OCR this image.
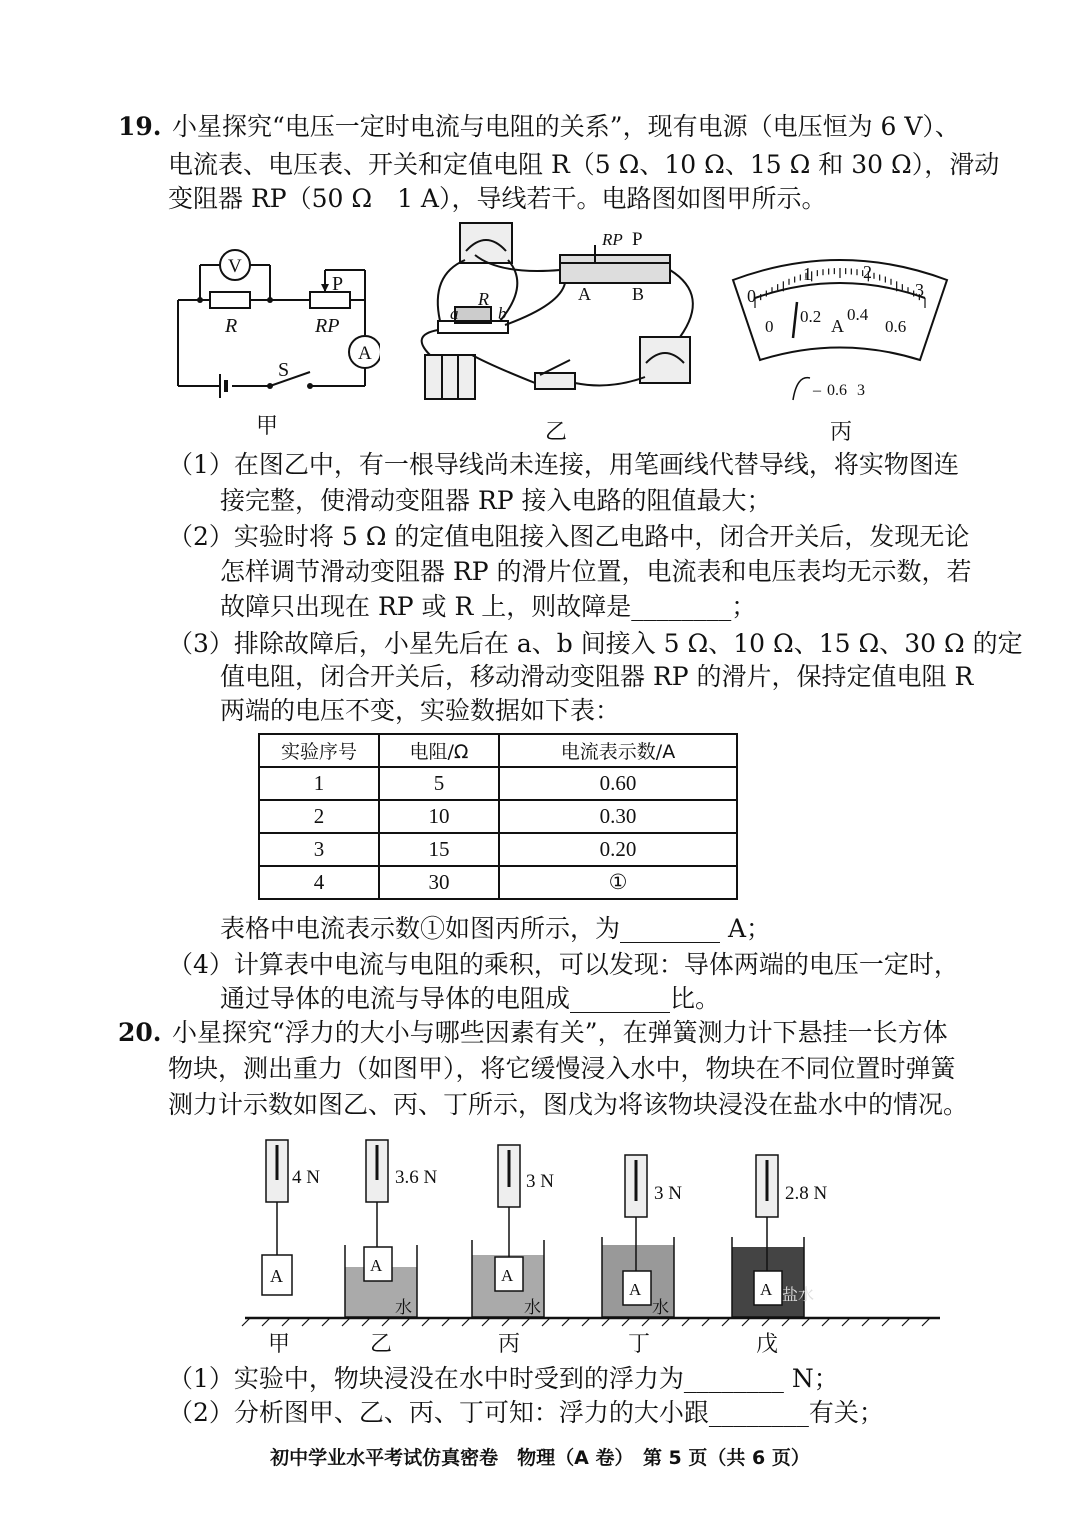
19. 小星探究“电压一定时电流与电阻的关系”，现有电源（电压恒为 6 V）、
电流表、电压表、开关和定值电阻 R（5 Ω、10 Ω、15 Ω 和 30 Ω），滑动
变阻器 RP（50 Ω　1 A），导线若干。电路图如图甲所示。
V
A
R	RP
P
S
R
a b
RP P
A B	0
1	2
3
0
0.2 0.4
0.6
A
– 0.6 3
甲	乙	丙
（1）在图乙中，有一根导线尚未连接，用笔画线代替导线，将实物图连
接完整，使滑动变阻器 RP 接入电路的阻值最大；
（2）实验时将 5 Ω 的定值电阻接入图乙电路中，闭合开关后，发现无论
怎样调节滑动变阻器 RP 的滑片位置，电流表和电压表均无示数，若
故障只出现在 RP 或 R 上，则故障是________；
（3）排除故障后，小星先后在 a、b 间接入 5 Ω、10 Ω、15 Ω、30 Ω 的定
值电阻，闭合开关后，移动滑动变阻器 RP 的滑片，保持定值电阻 R
两端的电压不变，实验数据如下表：
实验序号	电阻/Ω	电流表示数/A
1	5	0.60
2	10	0.30
3	15	0.20
4	30	①
表格中电流表示数①如图丙所示，为________ A；
（4）计算表中电流与电阻的乘积，可以发现：导体两端的电压一定时，
通过导体的电流与导体的电阻成________比。
20. 小星探究“浮力的大小与哪些因素有关”，在弹簧测力计下悬挂一长方体
物块，测出重力（如图甲），将它缓慢浸入水中，物块在不同位置时弹簧
测力计示数如图乙、丙、丁所示，图戊为将该物块浸没在盐水中的情况。
A
4 N
A
3.6 N
水
A
3 N
水
A
3 N
水
A
2.8 N
盐水
甲	乙	丙	丁	戊
（1）实验中，物块浸没在水中时受到的浮力为________ N；
（2）分析图甲、乙、丙、丁可知：浮力的大小跟________有关；
初中学业水平考试仿真密卷　物理（A 卷）　第 5 页（共 6 页）
